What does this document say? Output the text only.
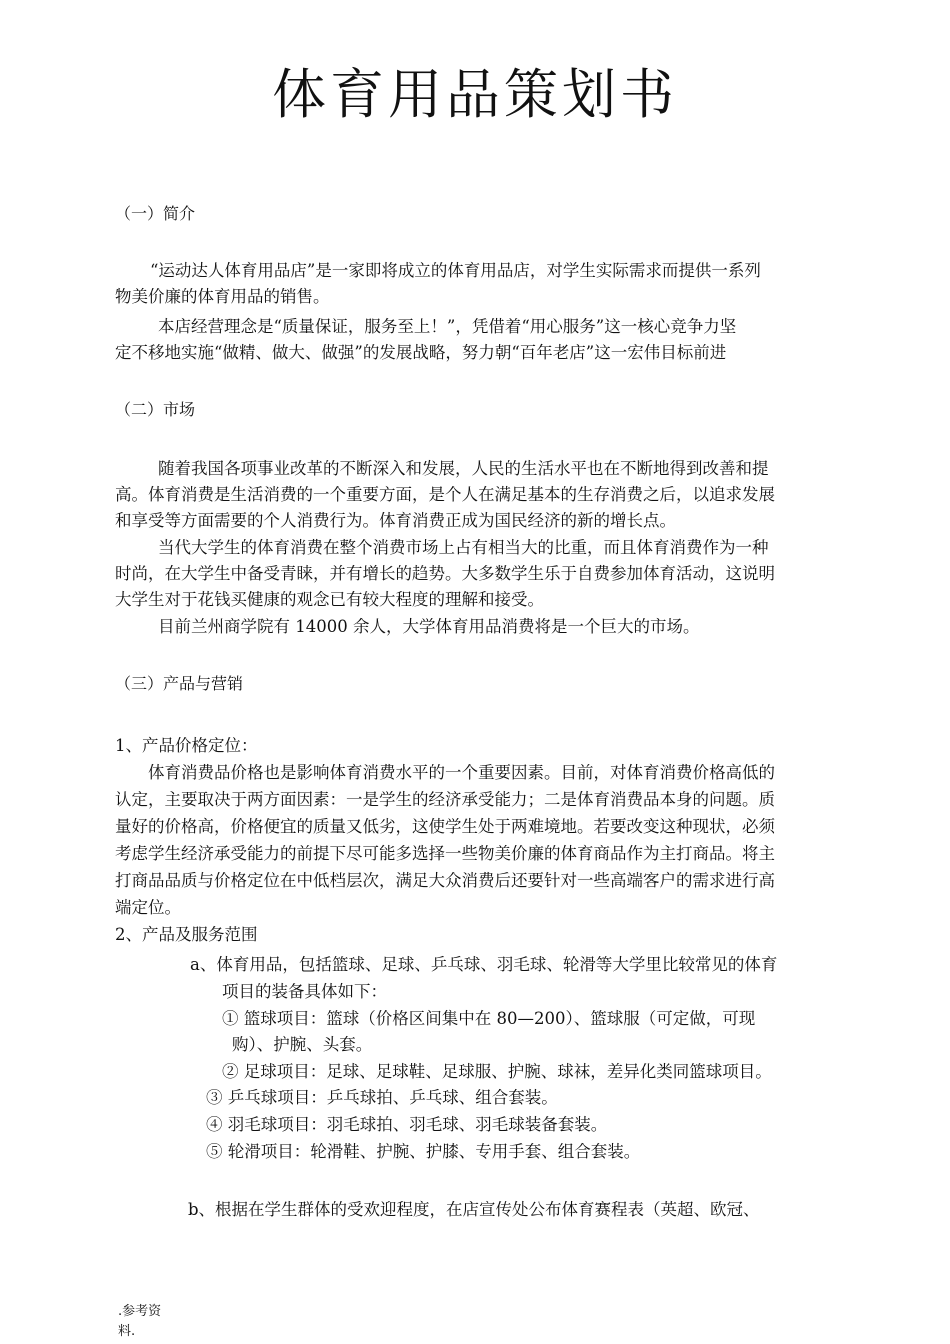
体育用品策划书

（一）简介

“运动达人体育用品店”是一家即将成立的体育用品店，对学生实际需求而提供一系列

物美价廉的体育用品的销售。

本店经营理念是“质量保证，服务至上！”，凭借着“用心服务”这一核心竞争力坚

定不移地实施“做精、做大、做强”的发展战略，努力朝“百年老店”这一宏伟目标前进

（二）市场

随着我国各项事业改革的不断深入和发展，人民的生活水平也在不断地得到改善和提

高。体育消费是生活消费的一个重要方面，是个人在满足基本的生存消费之后，以追求发展

和享受等方面需要的个人消费行为。体育消费正成为国民经济的新的增长点。

当代大学生的体育消费在整个消费市场上占有相当大的比重，而且体育消费作为一种

时尚，在大学生中备受青睐，并有增长的趋势。大多数学生乐于自费参加体育活动，这说明

大学生对于花钱买健康的观念已有较大程度的理解和接受。

目前兰州商学院有 14000 余人，大学体育用品消费将是一个巨大的市场。

（三）产品与营销

1、产品价格定位：

体育消费品价格也是影响体育消费水平的一个重要因素。目前，对体育消费价格高低的

认定，主要取决于两方面因素：一是学生的经济承受能力；二是体育消费品本身的问题。质

量好的价格高，价格便宜的质量又低劣，这使学生处于两难境地。若要改变这种现状，必须

考虑学生经济承受能力的前提下尽可能多选择一些物美价廉的体育商品作为主打商品。将主

打商品品质与价格定位在中低档层次，满足大众消费后还要针对一些高端客户的需求进行高

端定位。

2、产品及服务范围

a、体育用品，包括篮球、足球、乒乓球、羽毛球、轮滑等大学里比较常见的体育

项目的装备具体如下：

① 篮球项目：篮球（价格区间集中在 80—200）、篮球服（可定做，可现

购）、护腕、头套。

② 足球项目：足球、足球鞋、足球服、护腕、球袜，差异化类同篮球项目。

③ 乒乓球项目：乒乓球拍、乒乓球、组合套装。

④ 羽毛球项目：羽毛球拍、羽毛球、羽毛球装备套装。

⑤ 轮滑项目：轮滑鞋、护腕、护膝、专用手套、组合套装。

b、根据在学生群体的受欢迎程度，在店宣传处公布体育赛程表（英超、欧冠、

.参考资料.
